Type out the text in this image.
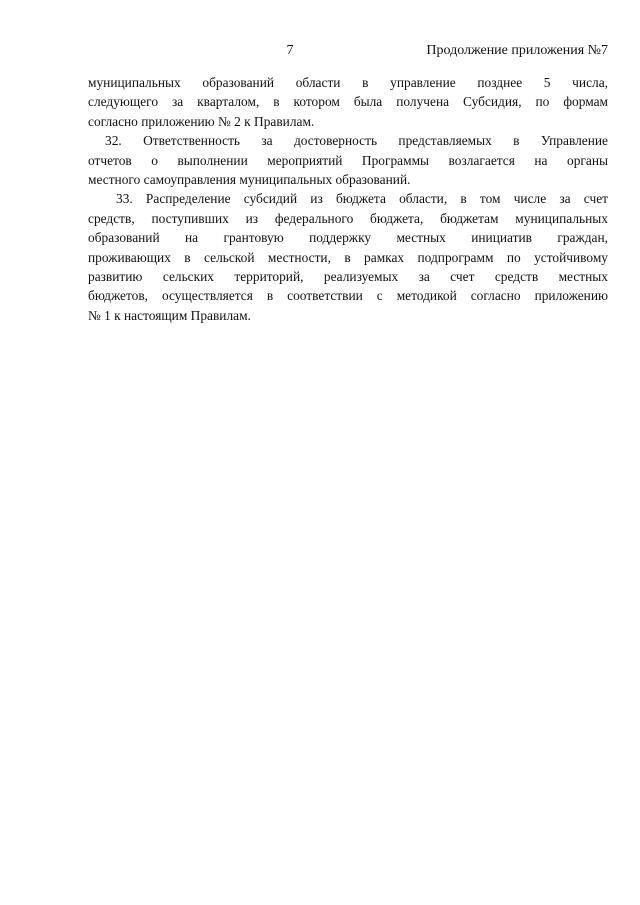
7	Продолжение приложения №7
муниципальных образований области в управление позднее 5 числа,
следующего за кварталом, в котором была получена Субсидия, по формам
согласно приложению № 2 к Правилам.
32. Ответственность за достоверность представляемых в Управление
отчетов о выполнении мероприятий Программы возлагается на органы
местного самоуправления муниципальных образований.
33. Распределение субсидий из бюджета области, в том числе за счет
средств, поступивших из федерального бюджета, бюджетам муниципальных
образований на грантовую поддержку местных инициатив граждан,
проживающих в сельской местности, в рамках подпрограмм по устойчивому
развитию сельских территорий, реализуемых за счет средств местных
бюджетов, осуществляется в соответствии с методикой согласно приложению
№ 1 к настоящим Правилам.
